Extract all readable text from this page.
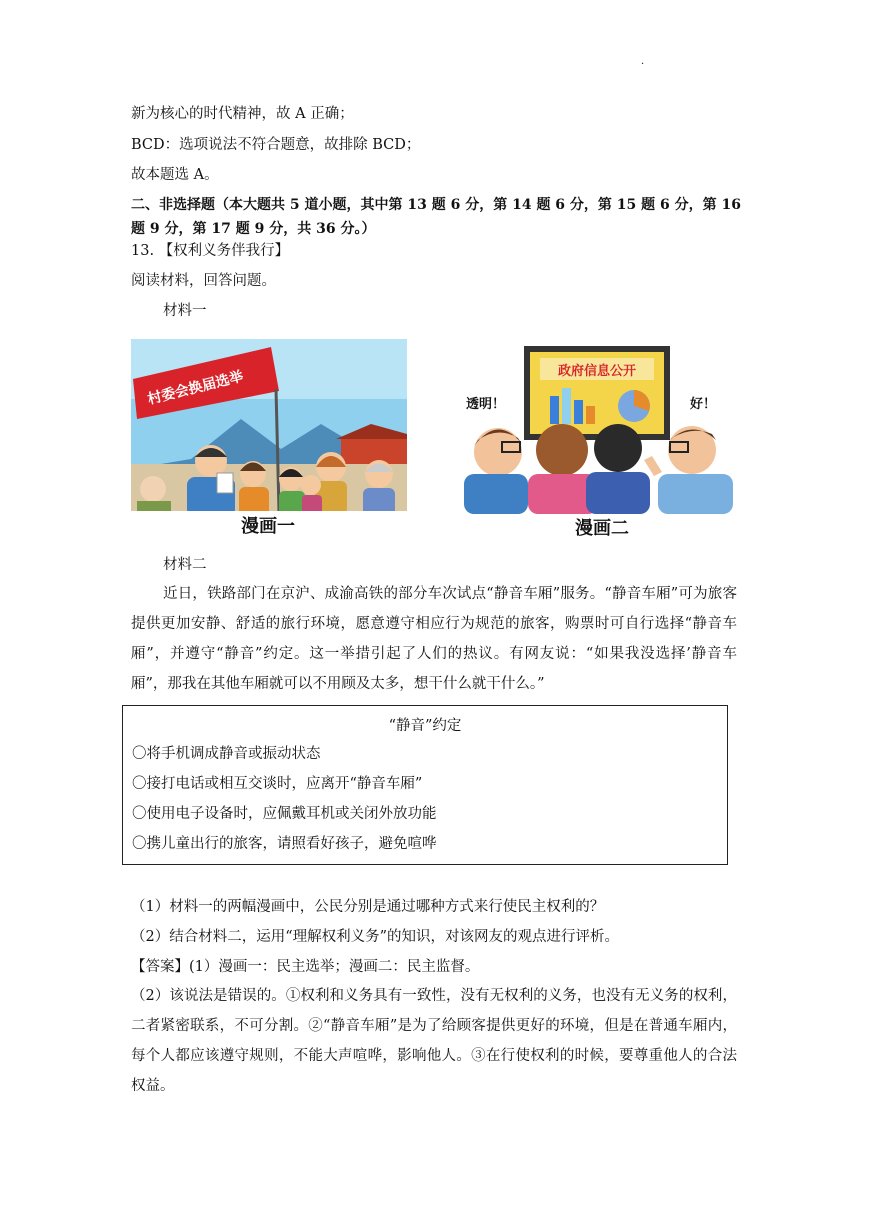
.
新为核心的时代精神，故 A 正确；
BCD：选项说法不符合题意，故排除 BCD；
故本题选 A。
二、非选择题（本大题共 5 道小题，其中第 13 题 6 分，第 14 题 6 分，第 15 题 6 分，第 16
题 9 分，第 17 题 9 分，共 36 分。）
13. 【权利义务伴我行】
阅读材料，回答问题。
材料一
村委会换届选举
漫画一
政府信息公开
透明！	好！
漫画二
材料二
近日，铁路部门在京沪、成渝高铁的部分车次试点“静音车厢”服务。“静音车厢”可为旅客提供更加安静、舒适的旅行环境，愿意遵守相应行为规范的旅客，购票时可自行选择“静音车厢”，并遵守“静音”约定。这一举措引起了人们的热议。有网友说：“如果我没选择’静音车厢”，那我在其他车厢就可以不用顾及太多，想干什么就干什么。”
“静音”约定
〇将手机调成静音或振动状态
〇接打电话或相互交谈时，应离开“静音车厢”
〇使用电子设备时，应佩戴耳机或关闭外放功能
〇携儿童出行的旅客，请照看好孩子，避免喧哗
（1）材料一的两幅漫画中，公民分别是通过哪种方式来行使民主权利的？
（2）结合材料二，运用“理解权利义务”的知识，对该网友的观点进行评析。
【答案】(1）漫画一：民主选举；漫画二：民主监督。
（2）该说法是错误的。①权利和义务具有一致性，没有无权利的义务，也没有无义务的权利，二者紧密联系，不可分割。②“静音车厢”是为了给顾客提供更好的环境，但是在普通车厢内，每个人都应该遵守规则，不能大声喧哗，影响他人。③在行使权利的时候，要尊重他人的合法权益。
